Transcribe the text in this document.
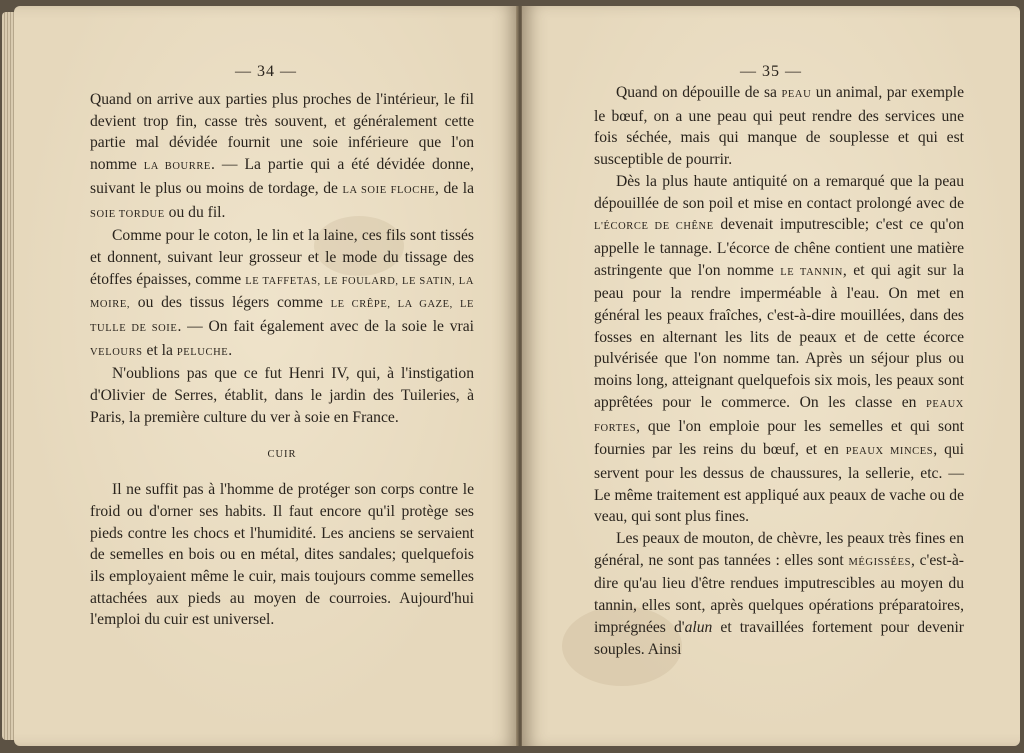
— 34 —

Quand on arrive aux parties plus proches de l'intérieur, le fil devient trop fin, casse très souvent, et généralement cette partie mal dévidée fournit une soie inférieure que l'on nomme LA BOURRE. — La partie qui a été dévidée donne, suivant le plus ou moins de tordage, de LA SOIE FLOCHE, de la SOIE TORDUE ou du fil.

Comme pour le coton, le lin et la laine, ces fils sont tissés et donnent, suivant leur grosseur et le mode du tissage des étoffes épaisses, comme LE TAFFETAS, LE FOULARD, LE SATIN, LA MOIRE, ou des tissus légers comme LE CRÊPE, LA GAZE, LE TULLE DE SOIE. — On fait également avec de la soie le vrai VELOURS et la PELUCHE.

N'oublions pas que ce fut Henri IV, qui, à l'instigation d'Olivier de Serres, établit, dans le jardin des Tuileries, à Paris, la première culture du ver à soie en France.

CUIR

Il ne suffit pas à l'homme de protéger son corps contre le froid ou d'orner ses habits. Il faut encore qu'il protège ses pieds contre les chocs et l'humidité. Les anciens se servaient de semelles en bois ou en métal, dites sandales; quelquefois ils employaient même le cuir, mais toujours comme semelles attachées aux pieds au moyen de courroies. Aujourd'hui l'emploi du cuir est universel.

— 35 —

Quand on dépouille de sa PEAU un animal, par exemple le bœuf, on a une peau qui peut rendre des services une fois séchée, mais qui manque de souplesse et qui est susceptible de pourrir.

Dès la plus haute antiquité on a remarqué que la peau dépouillée de son poil et mise en contact prolongé avec de L'ÉCORCE DE CHÊNE devenait imputrescible; c'est ce qu'on appelle le tannage. L'écorce de chêne contient une matière astringente que l'on nomme LE TANNIN, et qui agit sur la peau pour la rendre imperméable à l'eau. On met en général les peaux fraîches, c'est-à-dire mouillées, dans des fosses en alternant les lits de peaux et de cette écorce pulvérisée que l'on nomme tan. Après un séjour plus ou moins long, atteignant quelquefois six mois, les peaux sont apprêtées pour le commerce. On les classe en PEAUX FORTES, que l'on emploie pour les semelles et qui sont fournies par les reins du bœuf, et en PEAUX MINCES, qui servent pour les dessus de chaussures, la sellerie, etc. — Le même traitement est appliqué aux peaux de vache ou de veau, qui sont plus fines.

Les peaux de mouton, de chèvre, les peaux très fines en général, ne sont pas tannées : elles sont MÉGISSÉES, c'est-à-dire qu'au lieu d'être rendues imputrescibles au moyen du tannin, elles sont, après quelques opérations préparatoires, imprégnées d'alun et travaillées fortement pour devenir souples. Ainsi
